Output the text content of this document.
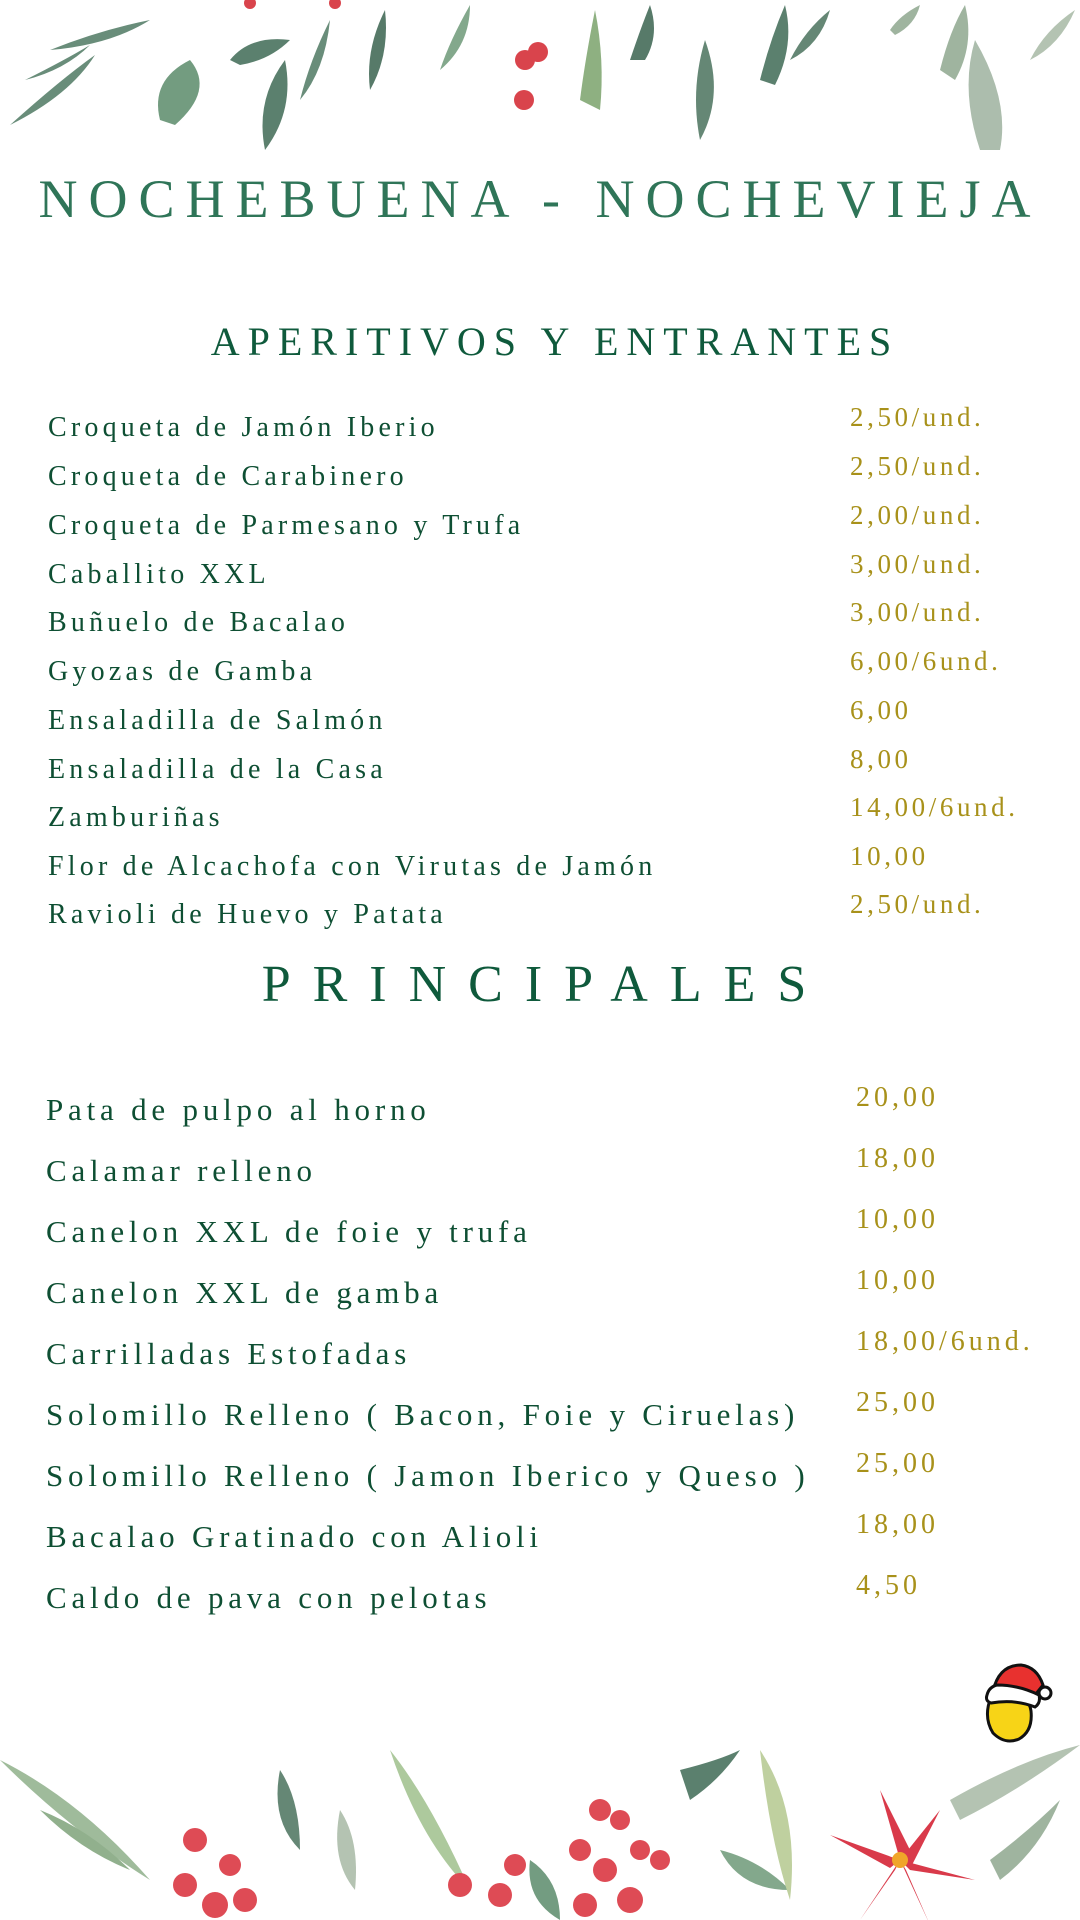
NOCHEBUENA - NOCHEVIEJA
APERITIVOS Y ENTRANTES
Croqueta de Jamón Iberio	2,50/und.
Croqueta de Carabinero	2,50/und.
Croqueta de Parmesano y Trufa	2,00/und.
Caballito XXL	3,00/und.
Buñuelo de Bacalao	3,00/und.
Gyozas de Gamba	6,00/6und.
Ensaladilla de Salmón	6,00
Ensaladilla de la Casa	8,00
Zamburiñas	14,00/6und.
Flor de Alcachofa con Virutas de Jamón	10,00
Ravioli de Huevo y Patata	2,50/und.
PRINCIPALES
Pata de pulpo al horno	20,00
Calamar relleno	18,00
Canelon XXL de foie y trufa	10,00
Canelon XXL de gamba	10,00
Carrilladas Estofadas	18,00/6und.
Solomillo Relleno ( Bacon, Foie y Ciruelas) 25,00
Solomillo Relleno ( Jamon Iberico y Queso ) 25,00
Bacalao Gratinado con Alioli	18,00
Caldo de pava con pelotas	4,50
